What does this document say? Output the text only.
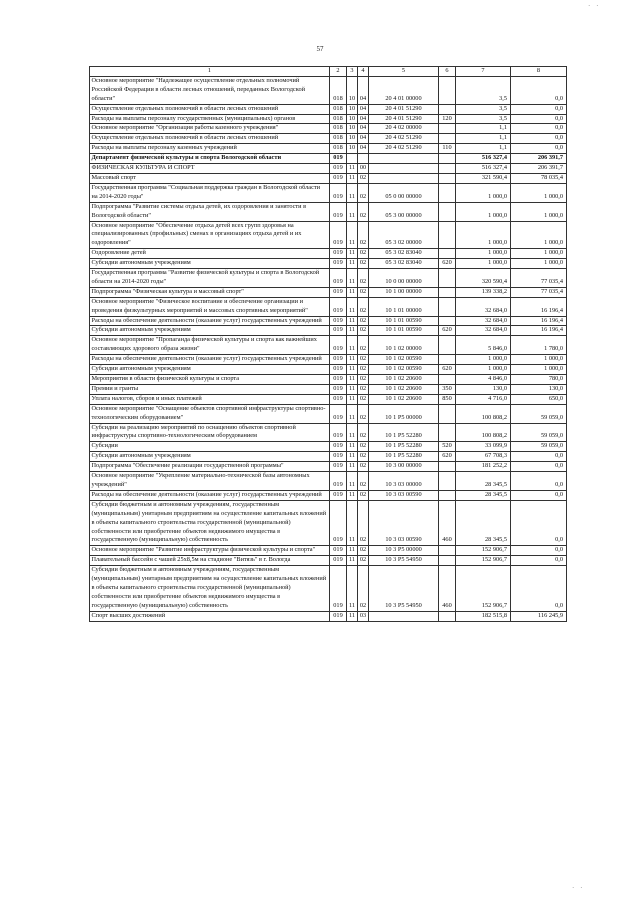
· ·
57
1	2	3	4	5	6	7	8
Основное мероприятие "Надлежащее осуществление отдельных полномочий Российской Федерации в области лесных отношений, переданных Вологодской области"	018	10	04	20 4 01 00000		3,5	0,0
Осуществление отдельных полномочий в области лесных отношений	018	10	04	20 4 01 51290		3,5	0,0
Расходы на выплаты персоналу государственных (муниципальных) органов	018	10	04	20 4 01 51290	120	3,5	0,0
Основное мероприятие "Организация работы казенного учреждения"	018	10	04	20 4 02 00000		1,1	0,0
Осуществление отдельных полномочий в области лесных отношений	018	10	04	20 4 02 51290		1,1	0,0
Расходы на выплаты персоналу казенных учреждений	018	10	04	20 4 02 51290	110	1,1	0,0
Департамент физической культуры и спорта Вологодской области	019					516 327,4	206 391,7
ФИЗИЧЕСКАЯ КУЛЬТУРА И СПОРТ	019	11	00			516 327,4	206 391,7
Массовый спорт	019	11	02			321 590,4	78 035,4
Государственная программа "Социальная поддержка граждан в Вологодской области на 2014-2020 годы"	019	11	02	05 0 00 00000		1 000,0	1 000,0
Подпрограмма "Развитие системы отдыха детей, их оздоровления и занятости в Вологодской области"	019	11	02	05 3 00 00000		1 000,0	1 000,0
Основное мероприятие "Обеспечение отдыха детей всех групп здоровья на специализированных (профильных) сменах в организациях отдыха детей и их оздоровления"	019	11	02	05 3 02 00000		1 000,0	1 000,0
Оздоровление детей	019	11	02	05 3 02 83040		1 000,0	1 000,0
Субсидии автономным учреждениям	019	11	02	05 3 02 83040	620	1 000,0	1 000,0
Государственная программа "Развитие физической культуры и спорта в Вологодской области на 2014-2020 годы"	019	11	02	10 0 00 00000		320 590,4	77 035,4
Подпрограмма "Физическая культура и массовый спорт"	019	11	02	10 1 00 00000		139 338,2	77 035,4
Основное мероприятие "Физическое воспитание и обеспечение организации и проведения физкультурных мероприятий и массовых спортивных мероприятий"	019	11	02	10 1 01 00000		32 684,0	16 196,4
Расходы на обеспечение деятельности (оказание услуг) государственных учреждений	019	11	02	10 1 01 00590		32 684,0	16 196,4
Субсидии автономным учреждениям	019	11	02	10 1 01 00590	620	32 684,0	16 196,4
Основное мероприятие "Пропаганда физической культуры и спорта как важнейших составляющих здорового образа жизни"	019	11	02	10 1 02 00000		5 846,0	1 780,0
Расходы на обеспечение деятельности (оказание услуг) государственных учреждений	019	11	02	10 1 02 00590		1 000,0	1 000,0
Субсидии автономным учреждениям	019	11	02	10 1 02 00590	620	1 000,0	1 000,0
Мероприятия в области физической культуры и спорта	019	11	02	10 1 02 20600		4 846,0	780,0
Премии и гранты	019	11	02	10 1 02 20600	350	130,0	130,0
Уплата налогов, сборов и иных платежей	019	11	02	10 1 02 20600	850	4 716,0	650,0
Основное мероприятие "Оснащение объектов спортивной инфраструктуры спортивно-технологическим оборудованием"	019	11	02	10 1 P5 00000		100 808,2	59 059,0
Субсидии на реализацию мероприятий по оснащению объектов спортивной инфраструктуры спортивно-технологическим оборудованием	019	11	02	10 1 P5 52280		100 808,2	59 059,0
Субсидии	019	11	02	10 1 P5 52280	520	33 099,9	59 059,0
Субсидии автономным учреждениям	019	11	02	10 1 P5 52280	620	67 708,3	0,0
Подпрограмма "Обеспечение реализации государственной программы"	019	11	02	10 3 00 00000		181 252,2	0,0
Основное мероприятие "Укрепление материально-технической базы автономных учреждений"	019	11	02	10 3 03 00000		28 345,5	0,0
Расходы на обеспечение деятельности (оказание услуг) государственных учреждений	019	11	02	10 3 03 00590		28 345,5	0,0
Субсидии бюджетным и автономным учреждениям, государственным (муниципальным) унитарным предприятиям на осуществление капитальных вложений в объекты капитального строительства государственной (муниципальной) собственности или приобретение объектов недвижимого имущества в государственную (муниципальную) собственность	019	11	02	10 3 03 00590	460	28 345,5	0,0
Основное мероприятие "Развитие инфраструктуры физической культуры и спорта"	019	11	02	10 3 P5 00000		152 906,7	0,0
Плавательный бассейн с чашей 25х8,5м на стадионе "Витязь" в г. Вологда	019	11	02	10 3 P5 54950		152 906,7	0,0
Субсидии бюджетным и автономным учреждениям, государственным (муниципальным) унитарным предприятиям на осуществление капитальных вложений в объекты капитального строительства государственной (муниципальной) собственности или приобретение объектов недвижимого имущества в государственную (муниципальную) собственность	019	11	02	10 3 P5 54950	460	152 906,7	0,0
Спорт высших достижений	019	11	03			182 515,8	116 245,9
· ·
